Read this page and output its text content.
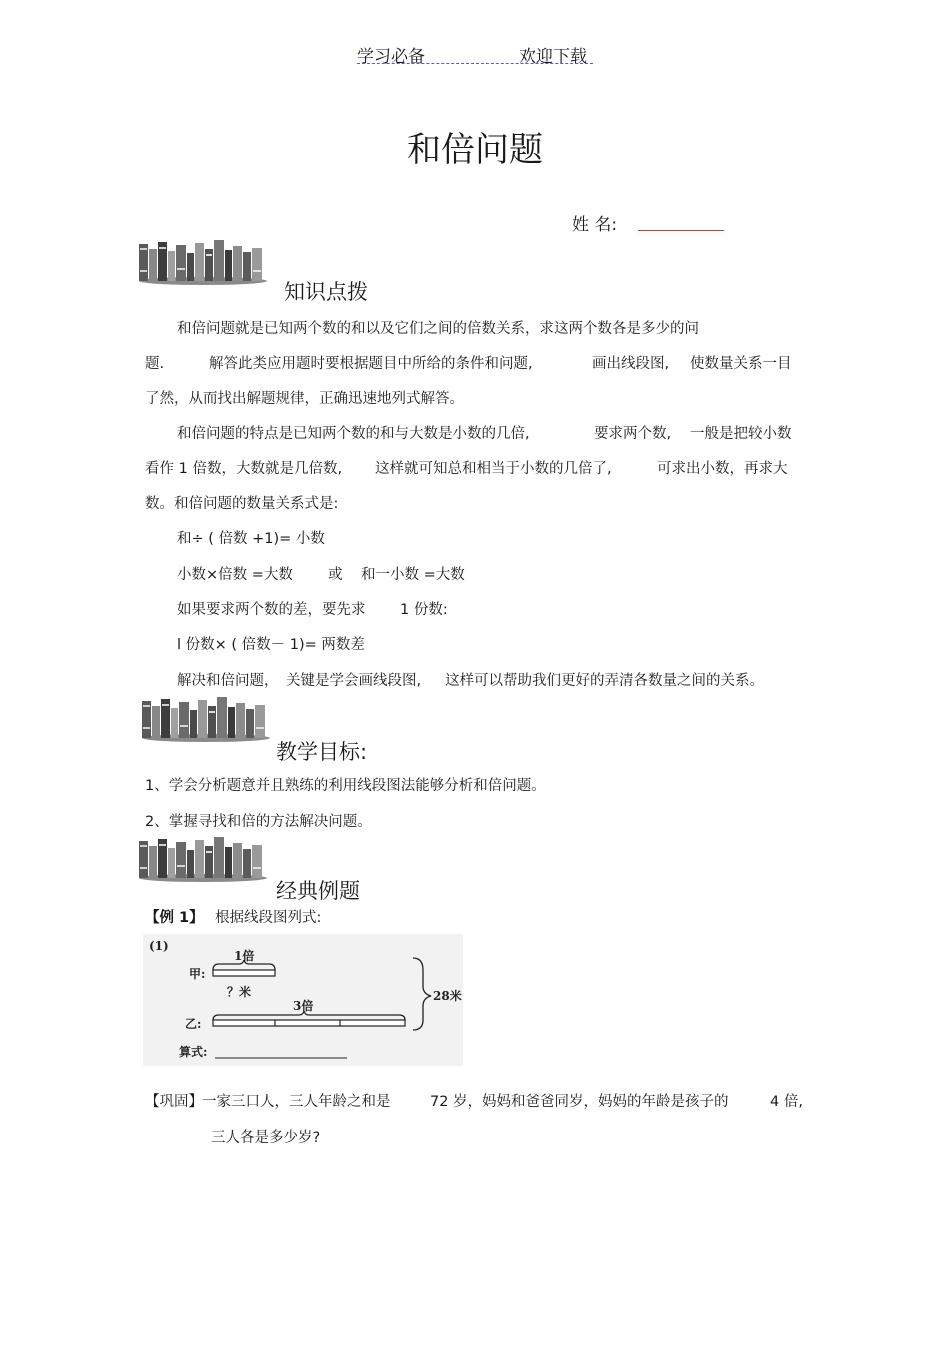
学习必备	欢迎下载
和倍问题
姓 名:
知识点拨
和倍问题就是已知两个数的和以及它们之间的倍数关系，求这两个数各是多少的问
题.	解答此类应用题时要根据题目中所给的条件和问题,	画出线段图, 使数量关系一目
了然，从而找出解题规律，正确迅速地列式解答。
和倍问题的特点是已知两个数的和与大数是小数的几倍,	要求两个数, 一般是把较小数
看作 1 倍数，大数就是几倍数, 这样就可知总和相当于小数的几倍了,	可求出小数，再求大
数。和倍问题的数量关系式是:
和÷ ( 倍数 +1)= 小数
小数×倍数 =大数 或 和一小数 =大数
如果要求两个数的差，要先求 1 份数:
l 份数× ( 倍数－ 1)= 两数差
解决和倍问题， 关键是学会画线段图, 这样可以帮助我们更好的弄清各数量之间的关系。
教学目标:
1、学会分析题意并且熟练的利用线段图法能够分析和倍问题。
2、掌握寻找和倍的方法解决问题。
经典例题
【例 1】 根据线段图列式:
(1)
1倍
甲:
？米
3倍
乙:
28米
算式:
【巩固】 一家三口人，三人年龄之和是	72 岁，妈妈和爸爸同岁，妈妈的年龄是孩子的	4 倍,
三人各是多少岁?
